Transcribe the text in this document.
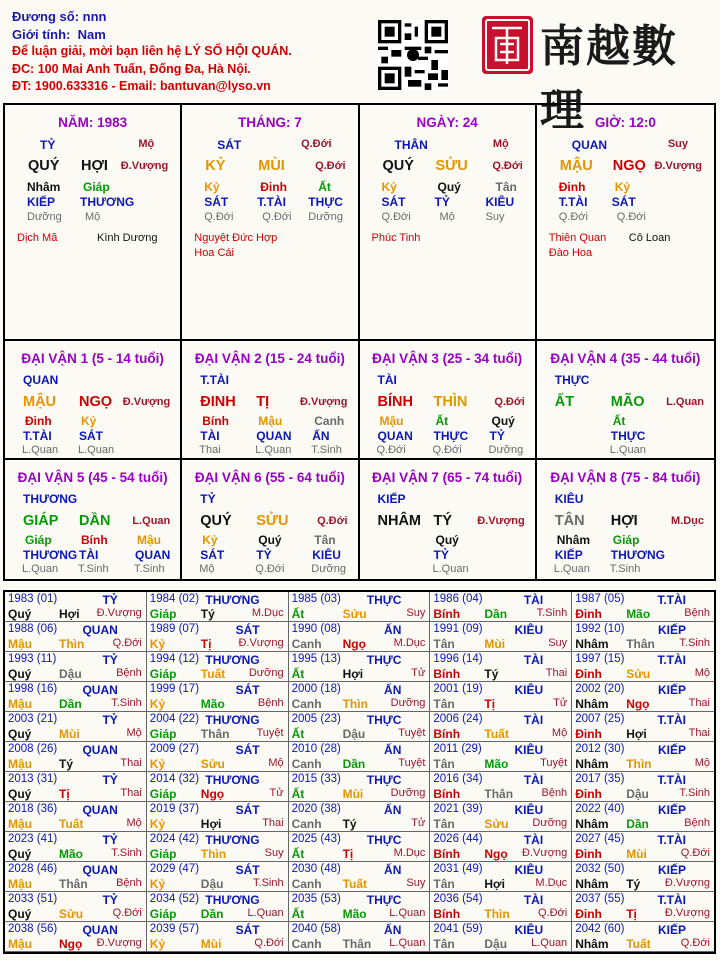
Đương số: nnn
Giới tính: Nam
Để luận giải, mời bạn liên hệ LÝ SỐ HỘI QUÁN.
ĐC: 100 Mai Anh Tuấn, Đống Đa, Hà Nội.
ĐT: 1900.633316 - Email: bantuvan@lyso.vn
南越數理
NĂM: 1983
TỶ	Mộ
QUÝ HỢI Đ.Vượng
Nhâm Giáp
KIẾP THƯƠNG
Dưỡng Mộ
Dịch Mã	Kình Dương
THÁNG: 7
SÁT	Q.Đới
KỶ MÙI	Q.Đới
Kỷ	Đinh	Ất
SÁT T.TÀI THỰC
Q.Đới	Q.Đới Dưỡng
Nguyệt Đức Hợp
Hoa Cái
NGÀY: 24
THÂN	Mộ
QUÝ SỬU Q.Đới
Kỷ	Quý	Tân
SÁT TỶ	KIÊU
Q.Đới	Mộ	Suy
Phúc Tinh
GIỜ: 12:0
QUAN	Suy
MẬU NGỌ Đ.Vượng
Đinh Kỷ
T.TÀI SÁT
Q.Đới	Q.Đới
Thiên Quan Cô Loan
Đào Hoa
ĐẠI VẬN 1 (5 - 14 tuổi)
QUAN
MẬU NGỌ Đ.Vượng
Đinh Kỷ
T.TÀI SÁT
L.Quan L.Quan
ĐẠI VẬN 2 (15 - 24 tuổi)
T.TÀI
ĐINH TỊ	Đ.Vượng
Bính Mậu	Canh
TÀI	QUAN ẤN
Thai	L.Quan T.Sinh
ĐẠI VẬN 3 (25 - 34 tuổi)
TÀI
BÍNH THÌN Q.Đới
Mậu	Ất	Quý
QUAN THỰC TỶ
Q.Đới Q.Đới Dưỡng
ĐẠI VẬN 4 (35 - 44 tuổi)
THỰC
ẤT	MÃO L.Quan
Ất
THỰC
L.Quan
ĐẠI VẬN 5 (45 - 54 tuổi)
THƯƠNG
GIÁP DẦN L.Quan
Giáp Bính Mậu
THƯƠNG TÀI	QUAN
L.Quan T.Sinh T.Sinh
ĐẠI VẬN 6 (55 - 64 tuổi)
TỶ
QUÝ SỬU	Q.Đới
Kỷ	Quý	Tân
SÁT	TỶ	KIÊU
Mộ	Q.Đới Dưỡng
ĐẠI VẬN 7 (65 - 74 tuổi)
KIẾP
NHÂM TÝ Đ.Vượng
Quý
TỶ
L.Quan
ĐẠI VẬN 8 (75 - 84 tuổi)
KIÊU
TÂN HỢI	M.Dục
Nhâm Giáp
KIẾP THƯƠNG
L.Quan T.Sinh
1983 (01)	TỶ
Quý Hợi Đ.Vượng
1984 (02) THƯƠNG
Giáp Tý	M.Dục
1985 (03) THỰC
Ất	Sửu	Suy
1986 (04)	TÀI
Bính Dần	T.Sinh
1987 (05)	T.TÀI
Đinh Mão	Bệnh
1988 (06) QUAN
Mậu Thìn	Q.Đới
1989 (07)	SÁT
Kỷ	Tị Đ.Vượng
1990 (08)	ẤN
Canh Ngọ	M.Dục
1991 (09)	KIÊU
Tân Mùi	Suy
1992 (10)	KIẾP
Nhâm Thân T.Sinh
1993 (11)	TỶ
Quý Dậu	Bệnh
1994 (12) THƯƠNG
Giáp Tuất Dưỡng
1995 (13) THỰC
Ất	Hợi	Tử
1996 (14)	TÀI
Bính Tý	Thai
1997 (15)	T.TÀI
Đinh Sửu	Mộ
1998 (16) QUAN
Mậu Dần	T.Sinh
1999 (17)	SÁT
Kỷ	Mão	Bệnh
2000 (18)	ẤN
Canh Thìn Dưỡng
2001 (19)	KIÊU
Tân Tị	Tử
2002 (20)	KIẾP
Nhâm Ngọ	Thai
2003 (21)	TỶ
Quý Mùi	Mộ
2004 (22) THƯƠNG
Giáp Thân Tuyệt
2005 (23) THỰC
Ất	Dậu	Tuyệt
2006 (24)	TÀI
Bính Tuất	Mộ
2007 (25)	T.TÀI
Đinh Hợi	Thai
2008 (26) QUAN
Mậu Tý	Thai
2009 (27)	SÁT
Kỷ	Sửu	Mộ
2010 (28)	ẤN
Canh Dần	Tuyệt
2011 (29)	KIÊU
Tân Mão	Tuyệt
2012 (30)	KIẾP
Nhâm Thìn	Mộ
2013 (31)	TỶ
Quý Tị	Thai
2014 (32) THƯƠNG
Giáp Ngọ	Tử
2015 (33) THỰC
Ất	Mùi Dưỡng
2016 (34)	TÀI
Bính Thân	Bệnh
2017 (35)	T.TÀI
Đinh Dậu	T.Sinh
2018 (36) QUAN
Mậu Tuất	Mộ
2019 (37)	SÁT
Kỷ	Hợi	Thai
2020 (38)	ẤN
Canh Tý	Tử
2021 (39)	KIÊU
Tân Sửu Dưỡng
2022 (40)	KIẾP
Nhâm Dần	Bệnh
2023 (41)	TỶ
Quý Mão	T.Sinh
2024 (42) THƯƠNG
Giáp Thìn	Suy
2025 (43) THỰC
Ất	Tị	M.Dục
2026 (44)	TÀI
Bính Ngọ Đ.Vượng
2027 (45)	T.TÀI
Đinh Mùi	Q.Đới
2028 (46) QUAN
Mậu Thân	Bệnh
2029 (47)	SÁT
Kỷ	Dậu	T.Sinh
2030 (48)	ẤN
Canh Tuất	Suy
2031 (49)	KIÊU
Tân Hợi	M.Dục
2032 (50)	KIẾP
Nhâm Tý Đ.Vượng
2033 (51)	TỶ
Quý Sửu	Q.Đới
2034 (52) THƯƠNG
Giáp Dần L.Quan
2035 (53) THỰC
Ất	Mão L.Quan
2036 (54)	TÀI
Bính Thìn	Q.Đới
2037 (55)	T.TÀI
Đinh Tị	Đ.Vượng
2038 (56) QUAN
Mậu Ngọ Đ.Vượng
2039 (57)	SÁT
Kỷ	Mùi	Q.Đới
2040 (58)	ẤN
Canh Thân L.Quan
2041 (59)	KIÊU
Tân Dậu L.Quan
2042 (60)	KIẾP
Nhâm Tuất	Q.Đới
